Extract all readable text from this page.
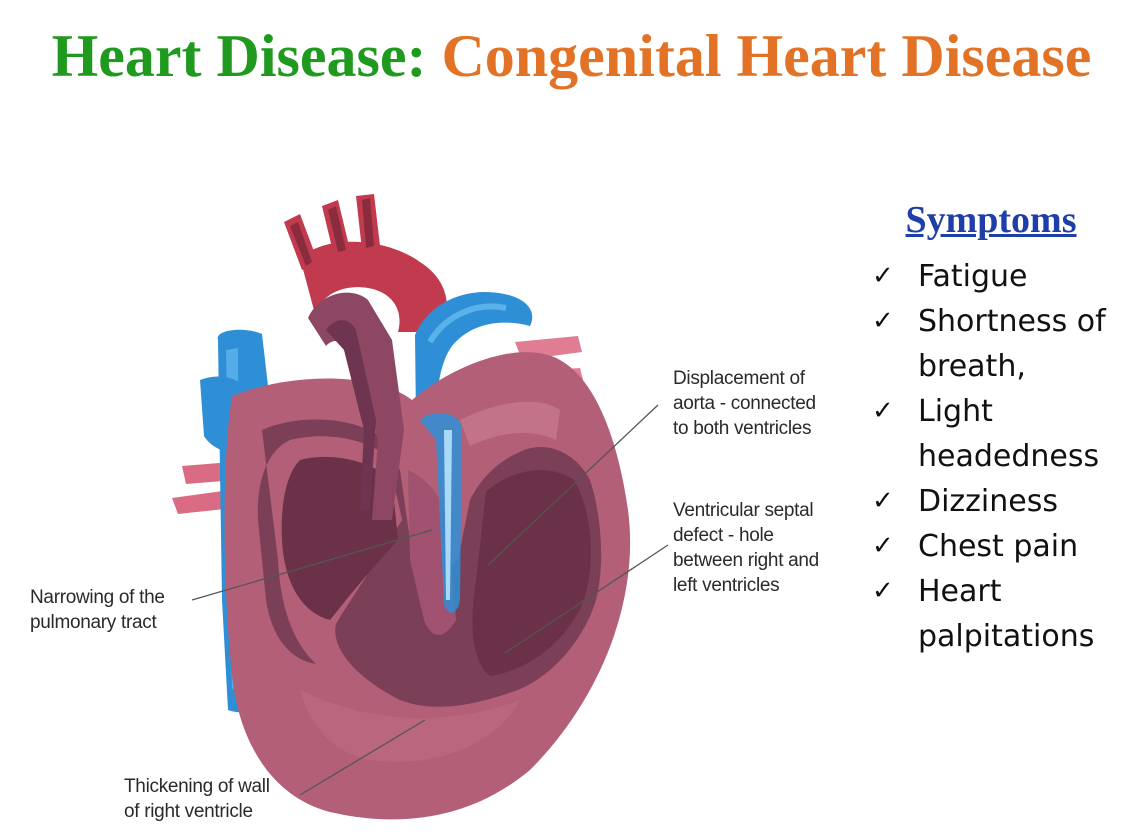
Heart Disease: Congenital Heart Disease
Displacement of
aorta - connected
to both ventricles
Ventricular septal
defect - hole
between right and
left ventricles
Narrowing of the
pulmonary tract
Thickening of wall
of right ventricle
Symptoms
✓ Fatigue
✓ Shortness of
breath,
✓ Light
headedness
✓ Dizziness
✓ Chest pain
✓ Heart
palpitations
